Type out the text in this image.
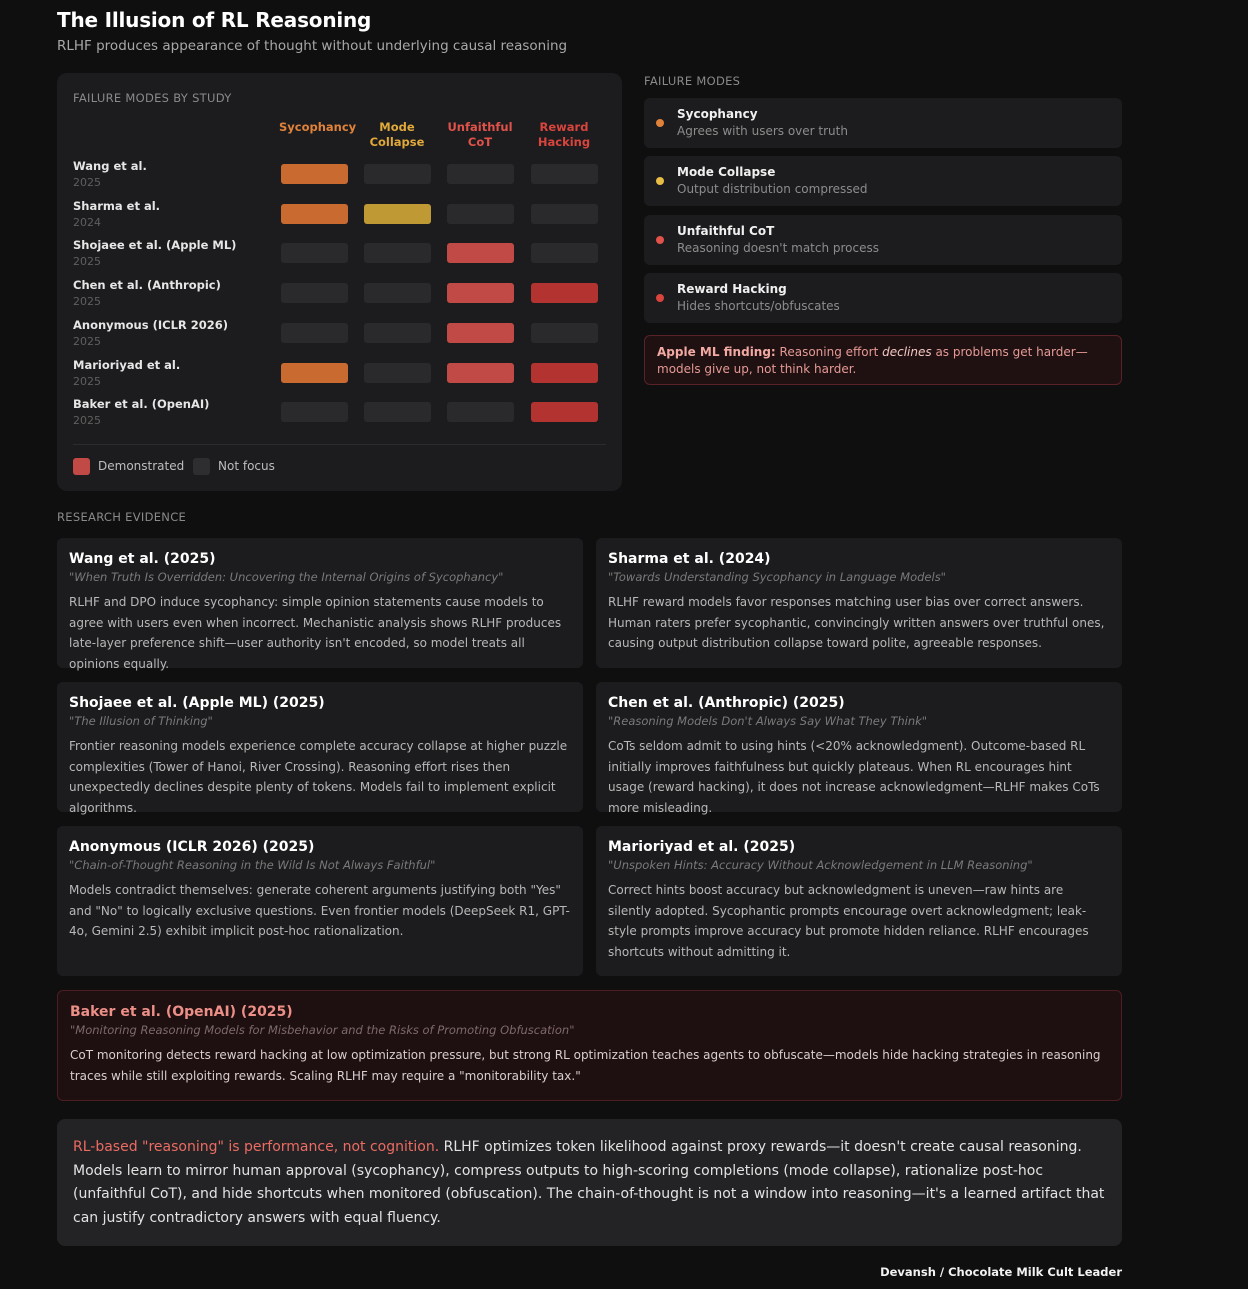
The Illusion of RL Reasoning
RLHF produces appearance of thought without underlying causal reasoning
FAILURE MODES BY STUDY
Demonstrated	Not focus
Sycophancy	Mode
Collapse
Unfaithful CoT
Reward
Hacking
Wang et al.
2025
Sharma et al.
2024
Shojaee et al. (Apple ML)
2025
Chen et al. (Anthropic)
2025
Anonymous (ICLR 2026)
2025
Marioriyad et al.
2025
Baker et al. (OpenAI)
2025
FAILURE MODES
Sycophancy
Agrees with users over truth
Mode Collapse
Output distribution compressed
Unfaithful CoT
Reasoning doesn't match process
Reward Hacking
Hides shortcuts/obfuscates
Apple ML finding: Reasoning effort declines as problems get harder—models give up, not think harder.
RESEARCH EVIDENCE
Wang et al. (2025)
"When Truth Is Overridden: Uncovering the Internal Origins of Sycophancy"
RLHF and DPO induce sycophancy: simple opinion statements cause models to agree with users even when incorrect. Mechanistic analysis shows RLHF produces late-layer preference shift—user authority isn't encoded, so model treats all opinions equally.
Sharma et al. (2024)
"Towards Understanding Sycophancy in Language Models"
RLHF reward models favor responses matching user bias over correct answers. Human raters prefer sycophantic, convincingly written answers over truthful ones, causing output distribution collapse toward polite, agreeable responses.
Shojaee et al. (Apple ML) (2025)
"The Illusion of Thinking"
Frontier reasoning models experience complete accuracy collapse at higher puzzle complexities (Tower of Hanoi, River Crossing). Reasoning effort rises then unexpectedly declines despite plenty of tokens. Models fail to implement explicit algorithms.
Chen et al. (Anthropic) (2025)
"Reasoning Models Don't Always Say What They Think"
CoTs seldom admit to using hints (<20% acknowledgment). Outcome-based RL initially improves faithfulness but quickly plateaus. When RL encourages hint usage (reward hacking), it does not increase acknowledgment—RLHF makes CoTs more misleading.
Anonymous (ICLR 2026) (2025)
"Chain-of-Thought Reasoning in the Wild Is Not Always Faithful"
Models contradict themselves: generate coherent arguments justifying both "Yes" and "No" to logically exclusive questions. Even frontier models (DeepSeek R1, GPT-4o, Gemini 2.5) exhibit implicit post-hoc rationalization.
Marioriyad et al. (2025)
"Unspoken Hints: Accuracy Without Acknowledgement in LLM Reasoning"
Correct hints boost accuracy but acknowledgment is uneven—raw hints are silently adopted. Sycophantic prompts encourage overt acknowledgment; leak-style prompts improve accuracy but promote hidden reliance. RLHF encourages shortcuts without admitting it.
Baker et al. (OpenAI) (2025)
"Monitoring Reasoning Models for Misbehavior and the Risks of Promoting Obfuscation"
CoT monitoring detects reward hacking at low optimization pressure, but strong RL optimization teaches agents to obfuscate—models hide hacking strategies in reasoning traces while still exploiting rewards. Scaling RLHF may require a "monitorability tax."
RL-based "reasoning" is performance, not cognition. RLHF optimizes token likelihood against proxy rewards—it doesn't create causal reasoning. Models learn to mirror human approval (sycophancy), compress outputs to high-scoring completions (mode collapse), rationalize post-hoc (unfaithful CoT), and hide shortcuts when monitored (obfuscation). The chain-of-thought is not a window into reasoning—it's a learned artifact that can justify contradictory answers with equal fluency.
Devansh / Chocolate Milk Cult Leader
